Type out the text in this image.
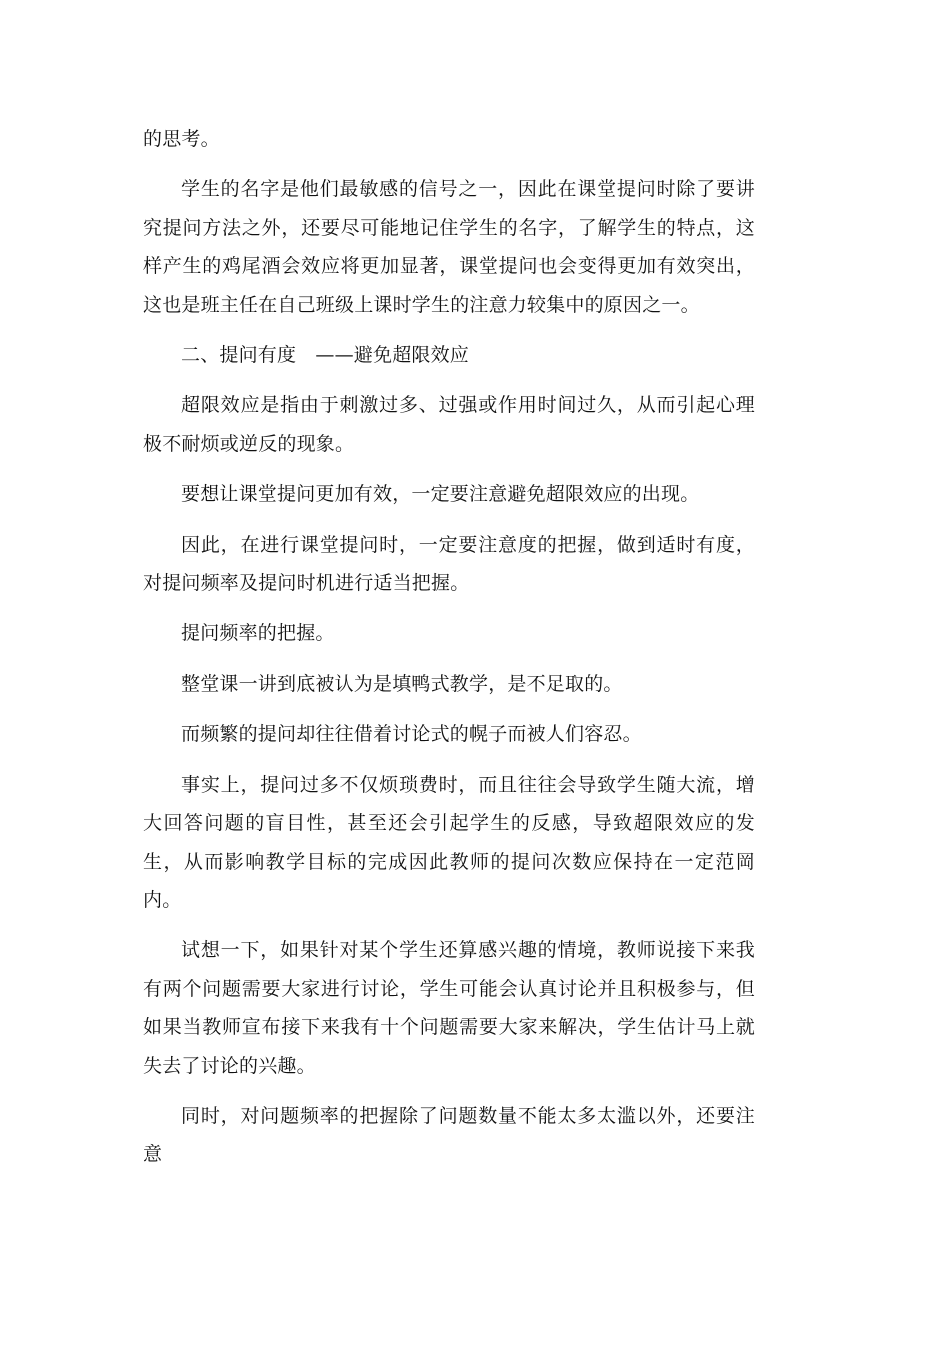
的思考。

学生的名字是他们最敏感的信号之一，因此在课堂提问时除了要讲究提问方法之外，还要尽可能地记住学生的名字，了解学生的特点，这样产生的鸡尾酒会效应将更加显著，课堂提问也会变得更加有效突出，这也是班主任在自己班级上课时学生的注意力较集中的原因之一。

二、提问有度　——避免超限效应

超限效应是指由于刺激过多、过强或作用时间过久，从而引起心理极不耐烦或逆反的现象。

要想让课堂提问更加有效，一定要注意避免超限效应的出现。

因此，在进行课堂提问时，一定要注意度的把握，做到适时有度，对提问频率及提问时机进行适当把握。

提问频率的把握。

整堂课一讲到底被认为是填鸭式教学，是不足取的。

而频繁的提问却往往借着讨论式的幌子而被人们容忍。

事实上，提问过多不仅烦琐费时，而且往往会导致学生随大流，增大回答问题的盲目性，甚至还会引起学生的反感，导致超限效应的发生，从而影响教学目标的完成因此教师的提问次数应保持在一定范岡内。

试想一下，如果针对某个学生还算感兴趣的情境，教师说接下来我有两个问题需要大家进行讨论，学生可能会认真讨论并且积极参与，但如果当教师宣布接下来我有十个问题需要大家来解决，学生估计马上就失去了讨论的兴趣。

同时，对问题频率的把握除了问题数量不能太多太滥以外，还要注意
